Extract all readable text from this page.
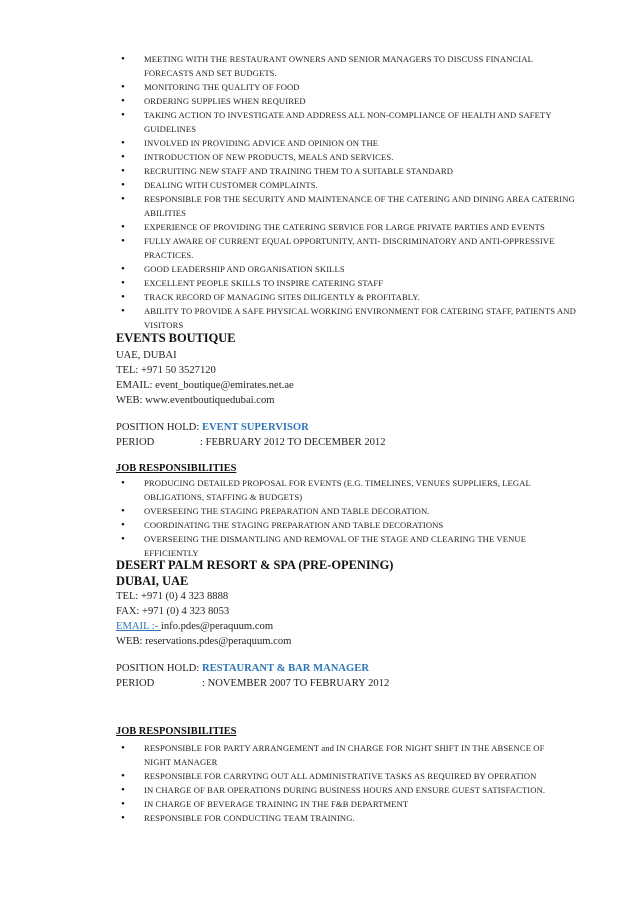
• MEETING WITH THE RESTAURANT OWNERS AND SENIOR MANAGERS TO DISCUSS FINANCIAL FORECASTS AND SET BUDGETS.
• MONITORING THE QUALITY OF FOOD
• ORDERING SUPPLIES WHEN REQUIRED
• TAKING ACTION TO INVESTIGATE AND ADDRESS ALL NON-COMPLIANCE OF HEALTH AND SAFETY GUIDELINES
• INVOLVED IN PROVIDING ADVICE AND OPINION ON THE
• INTRODUCTION OF NEW PRODUCTS, MEALS AND SERVICES.
• RECRUITING NEW STAFF AND TRAINING THEM TO A SUITABLE STANDARD
• DEALING WITH CUSTOMER COMPLAINTS.
• RESPONSIBLE FOR THE SECURITY AND MAINTENANCE OF THE CATERING AND DINING AREA CATERING ABILITIES
• EXPERIENCE OF PROVIDING THE CATERING SERVICE FOR LARGE PRIVATE PARTIES AND EVENTS
• FULLY AWARE OF CURRENT EQUAL OPPORTUNITY, ANTI- DISCRIMINATORY AND ANTI-OPPRESSIVE PRACTICES.
• GOOD LEADERSHIP AND ORGANISATION SKILLS
• EXCELLENT PEOPLE SKILLS TO INSPIRE CATERING STAFF
• TRACK RECORD OF MANAGING SITES DILIGENTLY & PROFITABLY.
• ABILITY TO PROVIDE A SAFE PHYSICAL WORKING ENVIRONMENT FOR CATERING STAFF, PATIENTS AND VISITORS
EVENTS BOUTIQUE
UAE, DUBAI
TEL: +971 50 3527120
EMAIL: event_boutique@emirates.net.ae
WEB: www.eventboutiquedubai.com
POSITION HOLD: EVENT SUPERVISOR
PERIOD	: FEBRUARY 2012 TO DECEMBER 2012
JOB RESPONSIBILITIES
• PRODUCING DETAILED PROPOSAL FOR EVENTS (E.G. TIMELINES, VENUES SUPPLIERS, LEGAL OBLIGATIONS, STAFFING & BUDGETS)
• OVERSEEING THE STAGING PREPARATION AND TABLE DECORATION.
• COORDINATING THE STAGING PREPARATION AND TABLE DECORATIONS
• OVERSEEING THE DISMANTLING AND REMOVAL OF THE STAGE AND CLEARING THE VENUE EFFICIENTLY
DESERT PALM RESORT & SPA (PRE-OPENING)
DUBAI, UAE
TEL: +971 (0) 4 323 8888
FAX: +971 (0) 4 323 8053
EMAIL :- info.pdes@peraquum.com
WEB: reservations.pdes@peraquum.com
POSITION HOLD: RESTAURANT & BAR MANAGER
PERIOD	: NOVEMBER 2007 TO FEBRUARY 2012
JOB RESPONSIBILITIES
• RESPONSIBLE FOR PARTY ARRANGEMENT and IN CHARGE FOR NIGHT SHIFT IN THE ABSENCE OF NIGHT MANAGER
• RESPONSIBLE FOR CARRYING OUT ALL ADMINISTRATIVE TASKS AS REQUIRED BY OPERATION
• IN CHARGE OF BAR OPERATIONS DURING BUSINESS HOURS AND ENSURE GUEST SATISFACTION.
• IN CHARGE OF BEVERAGE TRAINING IN THE F&B DEPARTMENT
• RESPONSIBLE FOR CONDUCTING TEAM TRAINING.
